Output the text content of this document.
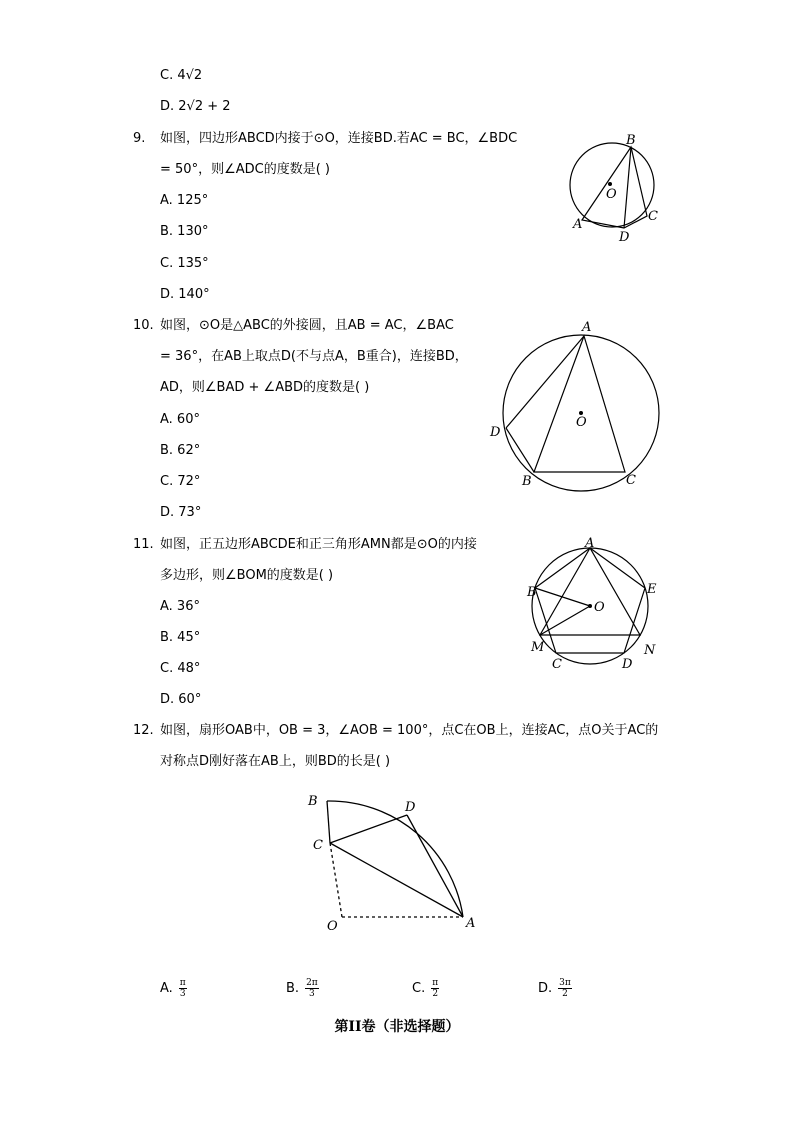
C. 4√2
D. 2√2 + 2
9. 如图，四边形ABCD内接于⊙O，连接BD.若AC = BC，∠BDC
= 50°，则∠ADC的度数是( )
A. 125°
B. 130°
C. 135°
D. 140°
B
O
A
C
D
10. 如图，⊙O是△ABC的外接圆，且AB = AC，∠BAC
= 36°，在AB上取点D(不与点A，B重合)，连接BD，
AD，则∠BAD + ∠ABD的度数是( )
A. 60°
B. 62°
C. 72°
D. 73°
A
O
D
B	C
11. 如图，正五边形ABCDE和正三角形AMN都是⊙O的内接
多边形，则∠BOM的度数是( )
A. 36°
B. 45°
C. 48°
D. 60°
A
B	E
O
M	N
C	D
12. 如图，扇形OAB中，OB = 3，∠AOB = 100°，点C在OB上，连接AC，点O关于AC的
对称点D刚好落在AB上，则BD的长是( )
B	D
C
O	A
A. $\frac{\pi}{3}$	B. $\frac{2\pi}{3}$	C. $\frac{\pi}{2}$	D. $\frac{3\pi}{2}$
第II卷（非选择题）
